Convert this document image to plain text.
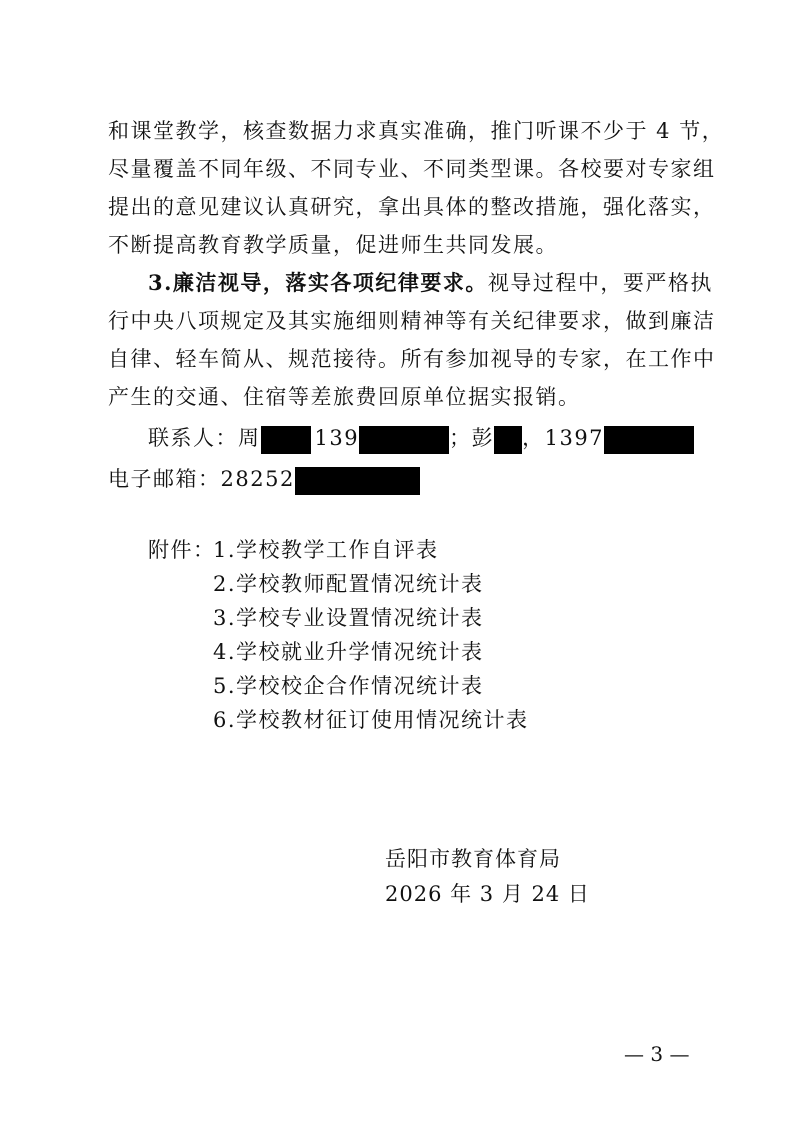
和课堂教学，核查数据力求真实准确，推门听课不少于 4 节，
尽量覆盖不同年级、不同专业、不同类型课。各校要对专家组
提出的意见建议认真研究，拿出具体的整改措施，强化落实，
不断提高教育教学质量，促进师生共同发展。
3.廉洁视导，落实各项纪律要求。视导过程中，要严格执
行中央八项规定及其实施细则精神等有关纪律要求，做到廉洁
自律、轻车简从、规范接待。所有参加视导的专家，在工作中
产生的交通、住宿等差旅费回原单位据实报销。
联系人：周	139	；彭 ，1397
电子邮箱：28252
附件：
1.学校教学工作自评表
2.学校教师配置情况统计表
3.学校专业设置情况统计表
4.学校就业升学情况统计表
5.学校校企合作情况统计表
6.学校教材征订使用情况统计表
岳阳市教育体育局
2026 年 3 月 24 日
— 3 —
